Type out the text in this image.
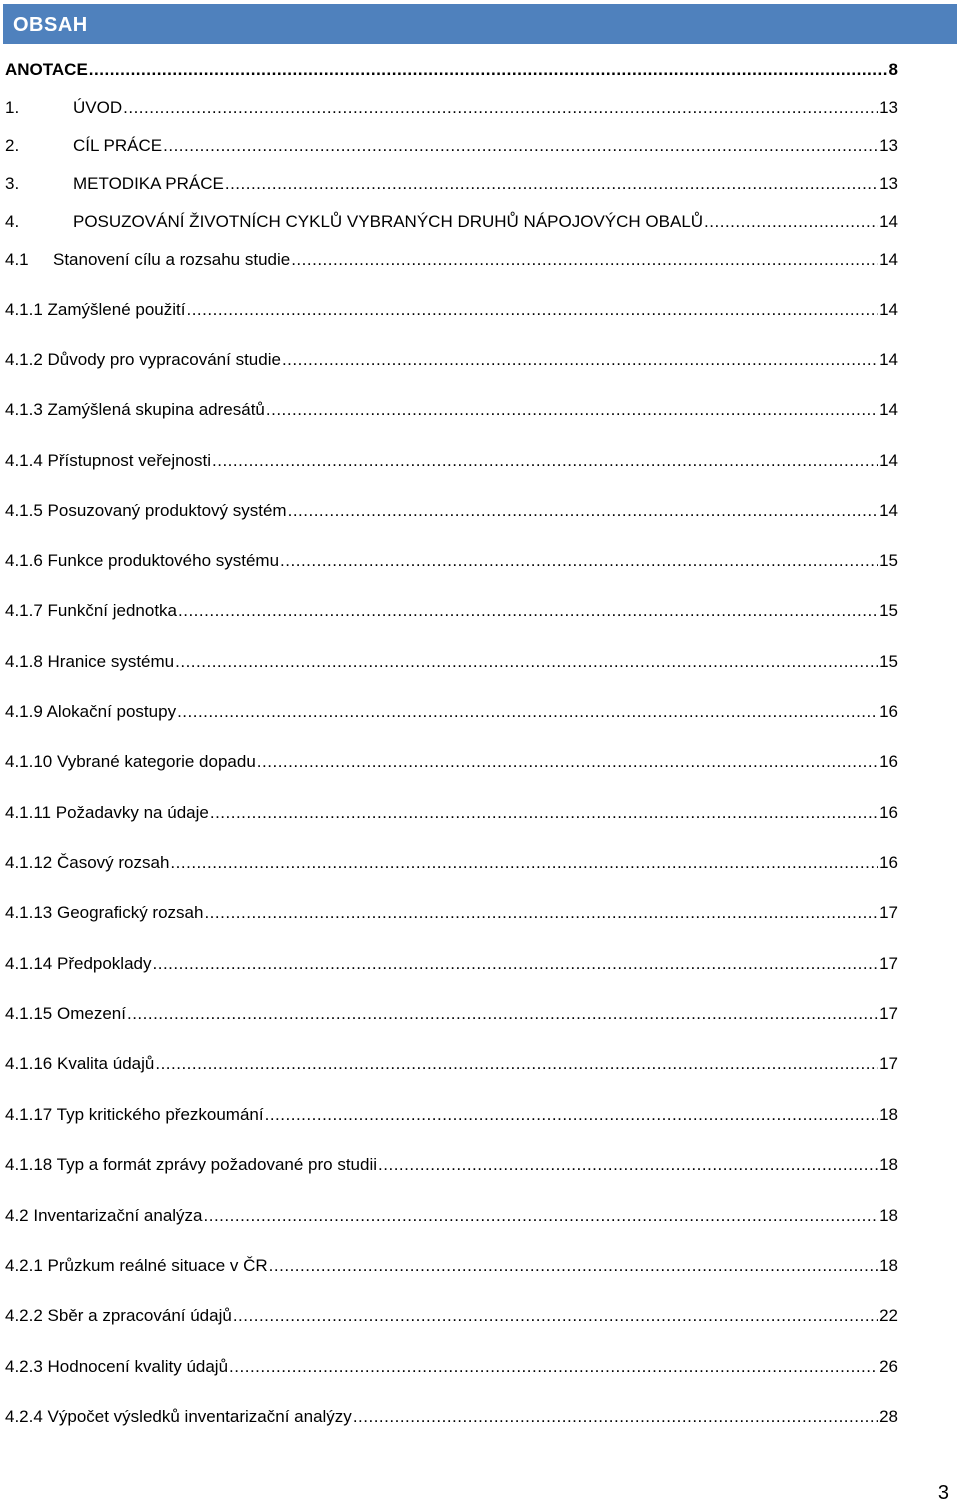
OBSAH
ANOTACE .....	8
1.	ÚVOD .....	13
2.	CÍL PRÁCE .....	13
3.	METODIKA PRÁCE .....	13
4.	POSUZOVÁNÍ ŽIVOTNÍCH CYKLŮ VYBRANÝCH DRUHŮ NÁPOJOVÝCH OBALŮ .....	14
4.1	Stanovení cílu a rozsahu studie .....	14
4.1.1 Zamýšlené použití .....	14
4.1.2 Důvody pro vypracování studie .....	14
4.1.3 Zamýšlená skupina adresátů .....	14
4.1.4 Přístupnost veřejnosti .....	14
4.1.5 Posuzovaný produktový systém .....	14
4.1.6 Funkce produktového systému .....	15
4.1.7 Funkční jednotka .....	15
4.1.8 Hranice systému .....	15
4.1.9 Alokační postupy .....	16
4.1.10 Vybrané kategorie dopadu .....	16
4.1.11 Požadavky na údaje .....	16
4.1.12 Časový rozsah .....	16
4.1.13 Geografický rozsah .....	17
4.1.14 Předpoklady .....	17
4.1.15 Omezení .....	17
4.1.16 Kvalita údajů .....	17
4.1.17 Typ kritického přezkoumání .....	18
4.1.18 Typ a formát zprávy požadované pro studii .....	18
4.2 Inventarizační analýza .....	18
4.2.1 Průzkum reálné situace v ČR .....	18
4.2.2 Sběr a zpracování údajů .....	22
4.2.3 Hodnocení kvality údajů .....	26
4.2.4 Výpočet výsledků inventarizační analýzy .....	28
3
